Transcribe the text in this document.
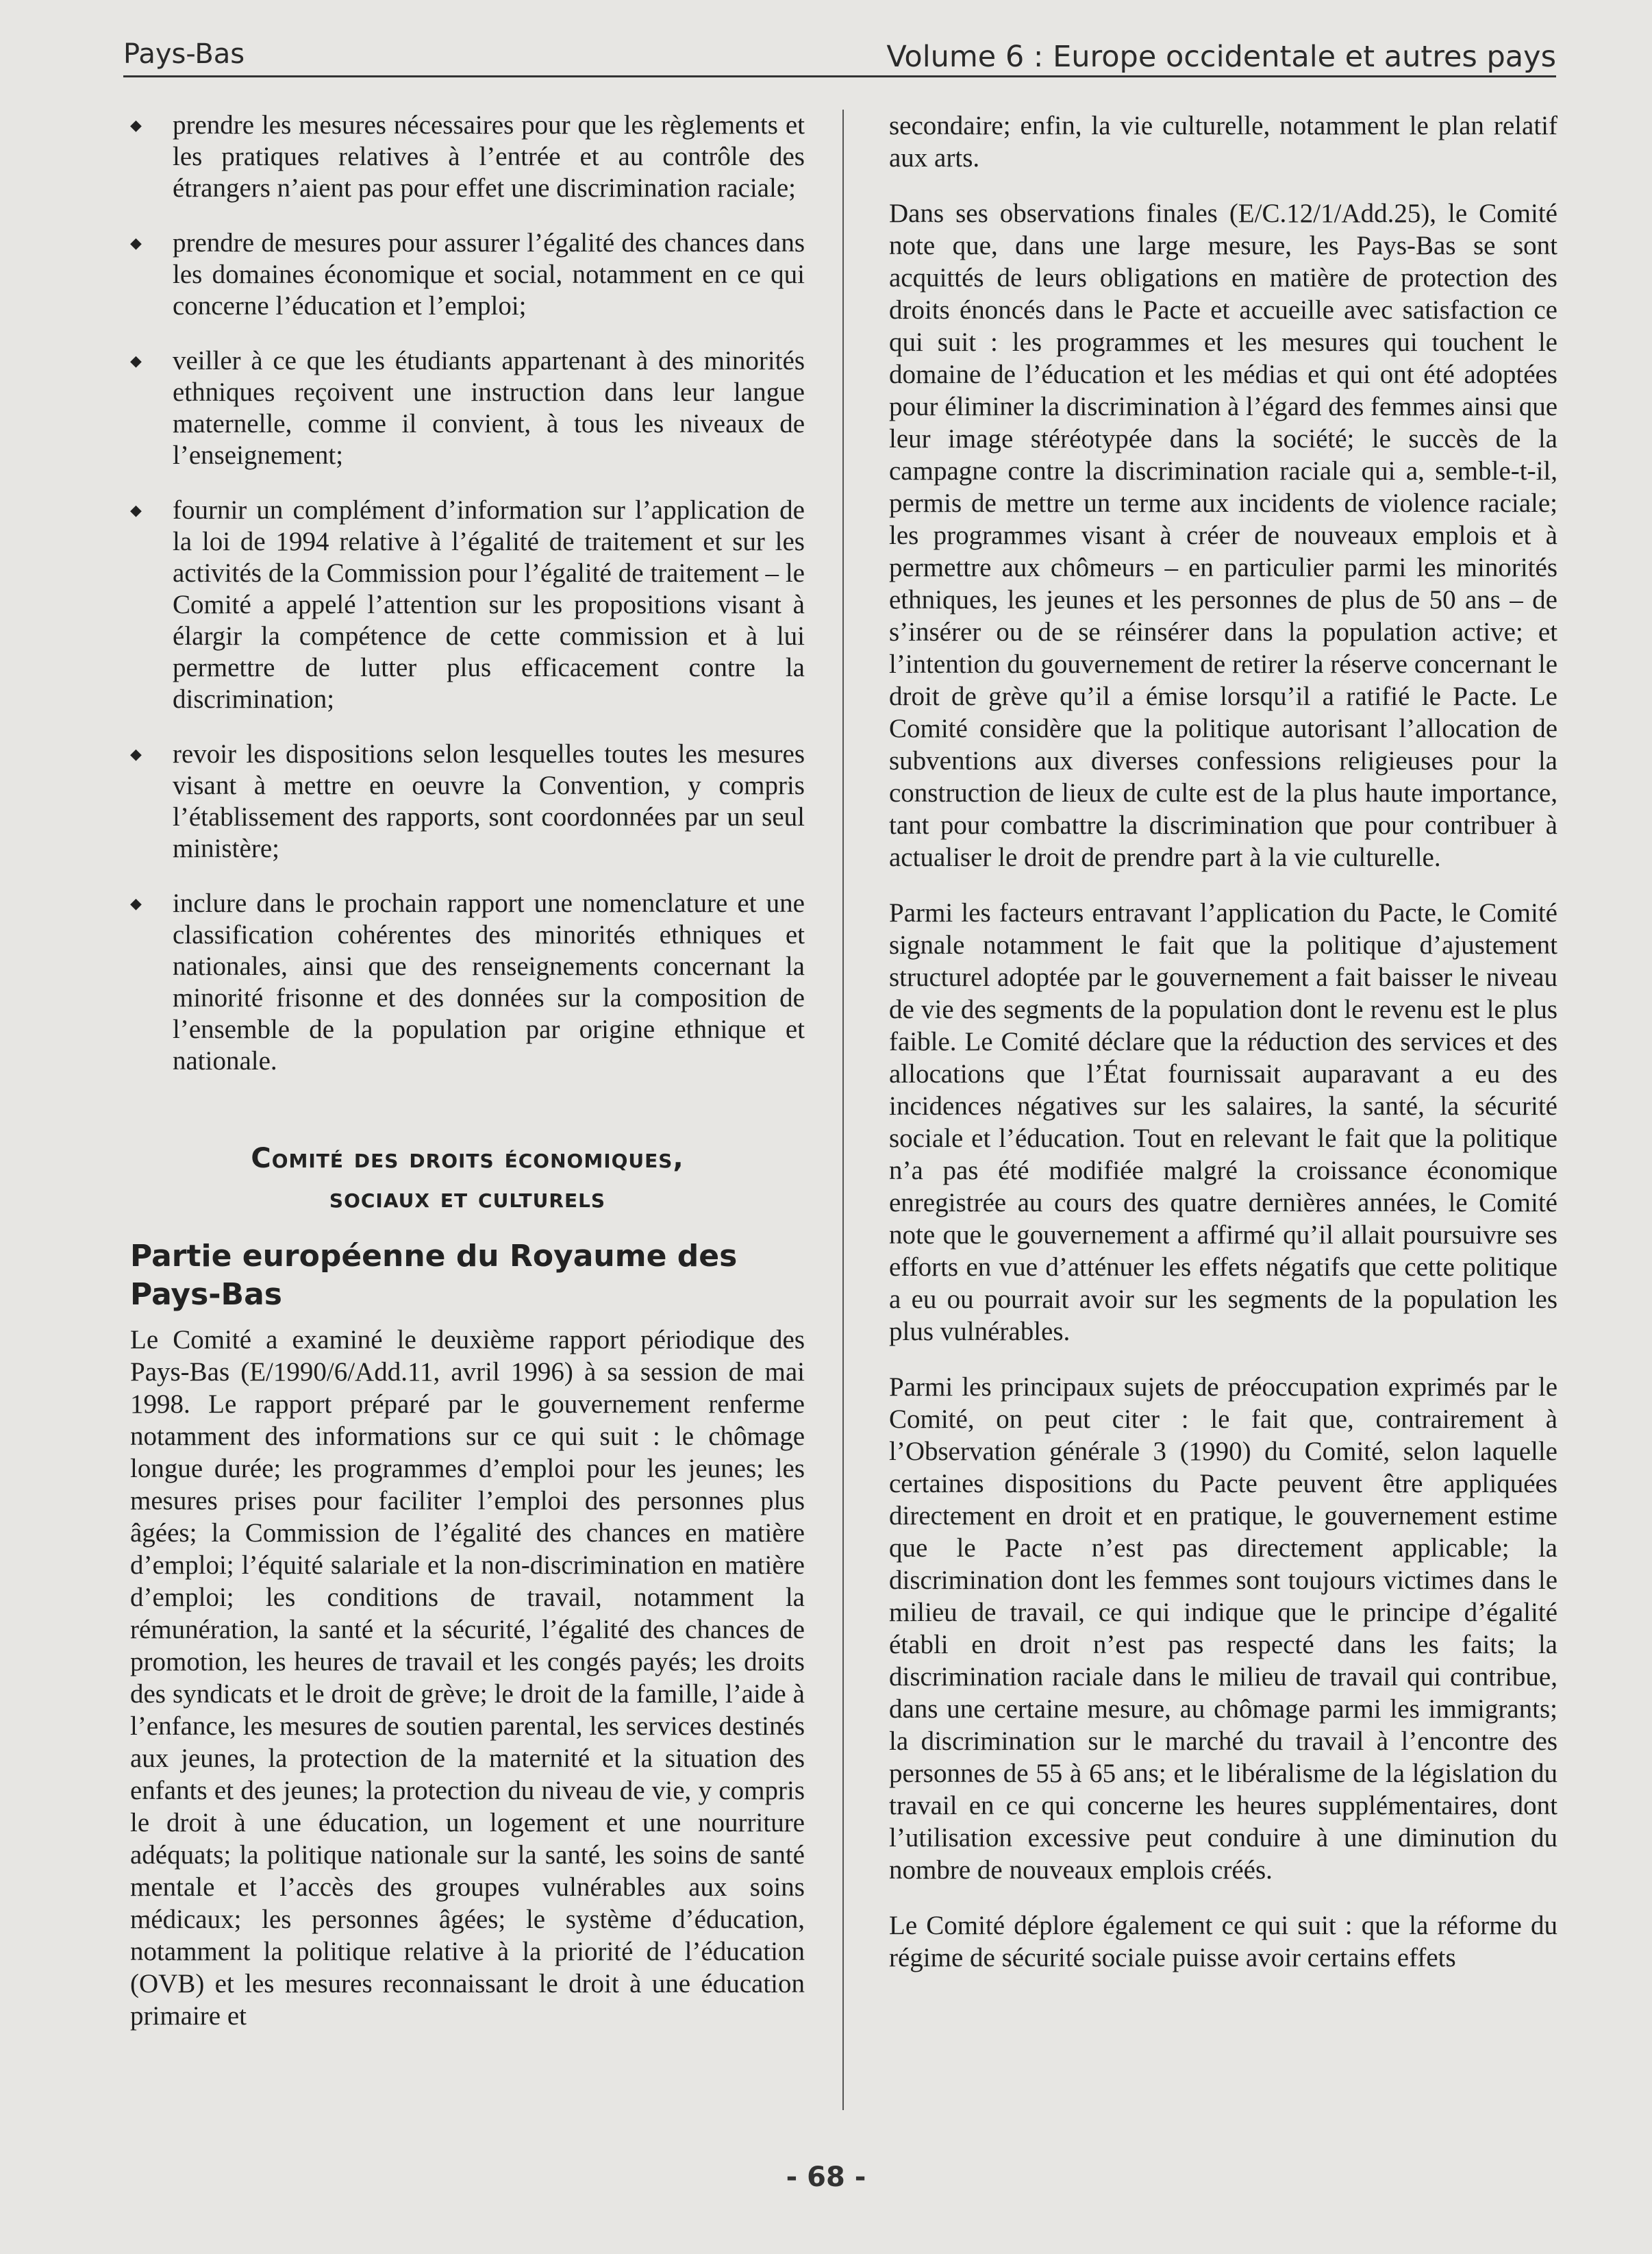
Pays-Bas	Volume 6 : Europe occidentale et autres pays
◆	prendre les mesures nécessaires pour que les règlements et les pratiques relatives à l’entrée et au contrôle des étrangers n’aient pas pour effet une discrimination raciale;
◆	prendre de mesures pour assurer l’égalité des chances dans les domaines économique et social, notamment en ce qui concerne l’éducation et l’emploi;
◆	veiller à ce que les étudiants appartenant à des minorités ethniques reçoivent une instruction dans leur langue maternelle, comme il convient, à tous les niveaux de l’enseignement;
◆	fournir un complément d’information sur l’application de la loi de 1994 relative à l’égalité de traitement et sur les activités de la Commission pour l’égalité de traitement – le Comité a appelé l’attention sur les propositions visant à élargir la compétence de cette commission et à lui permettre de lutter plus efficacement contre la discrimination;
◆	revoir les dispositions selon lesquelles toutes les mesures visant à mettre en oeuvre la Convention, y compris l’établissement des rapports, sont coordonnées par un seul ministère;
◆	inclure dans le prochain rapport une nomenclature et une classification cohérentes des minorités ethniques et nationales, ainsi que des renseignements concernant la minorité frisonne et des données sur la composition de l’ensemble de la population par origine ethnique et nationale.
Comité des droits économiques,
sociaux et culturels
Partie européenne du Royaume des Pays-Bas

Le Comité a examiné le deuxième rapport périodique des Pays-Bas (E/1990/6/Add.11, avril 1996) à sa session de mai 1998. Le rapport préparé par le gouvernement renferme notamment des informations sur ce qui suit : le chômage longue durée; les programmes d’emploi pour les jeunes; les mesures prises pour faciliter l’emploi des personnes plus âgées; la Commission de l’égalité des chances en matière d’emploi; l’équité salariale et la non-discrimination en matière d’emploi; les conditions de travail, notamment la rémunération, la santé et la sécurité, l’égalité des chances de promotion, les heures de travail et les congés payés; les droits des syndicats et le droit de grève; le droit de la famille, l’aide à l’enfance, les mesures de soutien parental, les services destinés aux jeunes, la protection de la maternité et la situation des enfants et des jeunes; la protection du niveau de vie, y compris le droit à une éducation, un logement et une nourriture adéquats; la politique nationale sur la santé, les soins de santé mentale et l’accès des groupes vulnérables aux soins médicaux; les personnes âgées; le système d’éducation, notamment la politique relative à la priorité de l’éducation (OVB) et les mesures reconnaissant le droit à une éducation primaire et

secondaire; enfin, la vie culturelle, notamment le plan relatif aux arts.

Dans ses observations finales (E/C.12/1/Add.25), le Comité note que, dans une large mesure, les Pays-Bas se sont acquittés de leurs obligations en matière de protection des droits énoncés dans le Pacte et accueille avec satisfaction ce qui suit : les programmes et les mesures qui touchent le domaine de l’éducation et les médias et qui ont été adoptées pour éliminer la discrimination à l’égard des femmes ainsi que leur image stéréotypée dans la société; le succès de la campagne contre la discrimination raciale qui a, semble-t-il, permis de mettre un terme aux incidents de violence raciale; les programmes visant à créer de nouveaux emplois et à permettre aux chômeurs – en particulier parmi les minorités ethniques, les jeunes et les personnes de plus de 50 ans – de s’insérer ou de se réinsérer dans la population active; et l’intention du gouvernement de retirer la réserve concernant le droit de grève qu’il a émise lorsqu’il a ratifié le Pacte. Le Comité considère que la politique autorisant l’allocation de subventions aux diverses confessions religieuses pour la construction de lieux de culte est de la plus haute importance, tant pour combattre la discrimination que pour contribuer à actualiser le droit de prendre part à la vie culturelle.

Parmi les facteurs entravant l’application du Pacte, le Comité signale notamment le fait que la politique d’ajustement structurel adoptée par le gouvernement a fait baisser le niveau de vie des segments de la population dont le revenu est le plus faible. Le Comité déclare que la réduction des services et des allocations que l’État fournissait auparavant a eu des incidences négatives sur les salaires, la santé, la sécurité sociale et l’éducation. Tout en relevant le fait que la politique n’a pas été modifiée malgré la croissance économique enregistrée au cours des quatre dernières années, le Comité note que le gouvernement a affirmé qu’il allait poursuivre ses efforts en vue d’atténuer les effets négatifs que cette politique a eu ou pourrait avoir sur les segments de la population les plus vulnérables.

Parmi les principaux sujets de préoccupation exprimés par le Comité, on peut citer : le fait que, contrairement à l’Observation générale 3 (1990) du Comité, selon laquelle certaines dispositions du Pacte peuvent être appliquées directement en droit et en pratique, le gouvernement estime que le Pacte n’est pas directement applicable; la discrimination dont les femmes sont toujours victimes dans le milieu de travail, ce qui indique que le principe d’égalité établi en droit n’est pas respecté dans les faits; la discrimination raciale dans le milieu de travail qui contribue, dans une certaine mesure, au chômage parmi les immigrants; la discrimination sur le marché du travail à l’encontre des personnes de 55 à 65 ans; et le libéralisme de la législation du travail en ce qui concerne les heures supplémentaires, dont l’utilisation excessive peut conduire à une diminution du nombre de nouveaux emplois créés.

Le Comité déplore également ce qui suit : que la réforme du régime de sécurité sociale puisse avoir certains effets

- 68 -
